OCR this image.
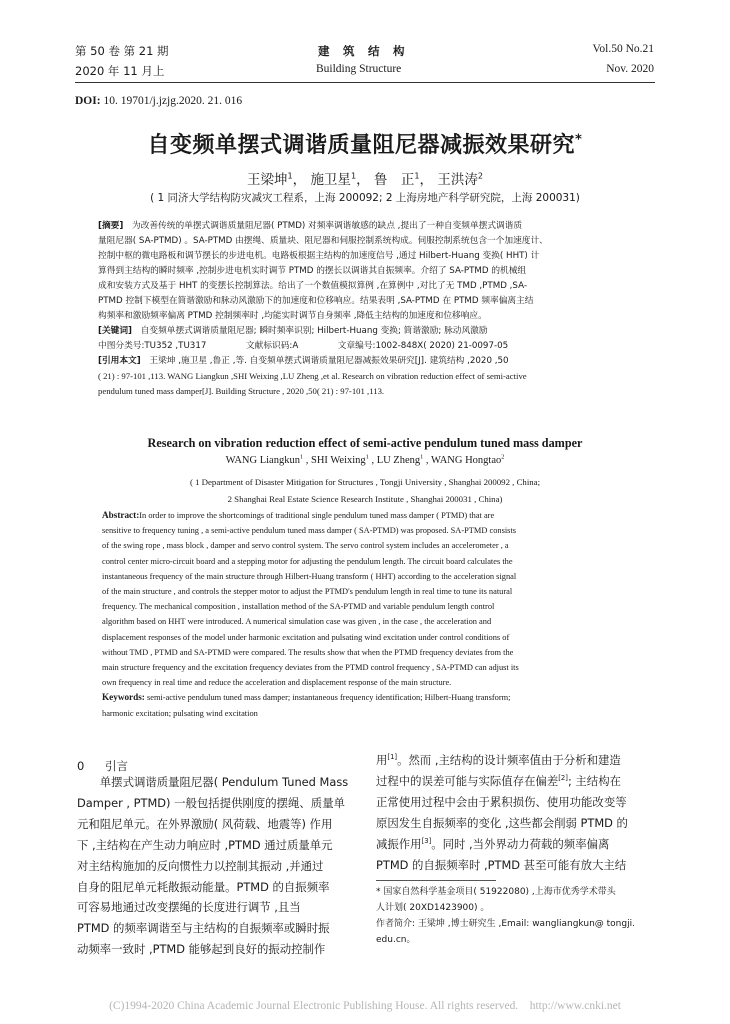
第 50 卷 第 21 期
2020 年 11 月上
建　筑　结　构
Building Structure
Vol.50 No.21
Nov. 2020
DOI: 10. 19701/j.jzjg.2020. 21. 016
自变频单摆式调谐质量阻尼器减振效果研究*
王梁坤$^1$， 施卫星$^1$， 鲁　正$^1$， 王洪涛$^2$
( 1 同济大学结构防灾减灾工程系，上海 200092; 2 上海房地产科学研究院，上海 200031)
[摘要]　 为改善传统的单摆式调谐质量阻尼器( PTMD) 对频率调谐敏感的缺点 ,提出了一种自变频单摆式调谐质
量阻尼器( SA-PTMD) 。SA-PTMD 由摆绳、质量块、阻尼器和伺服控制系统构成。伺服控制系统包含一个加速度计、
控制中枢的微电路板和调节摆长的步进电机。电路板根据主结构的加速度信号 ,通过 Hilbert-Huang 变换( HHT) 计
算得到主结构的瞬时频率 ,控制步进电机实时调节 PTMD 的摆长以调谐其自振频率。介绍了 SA-PTMD 的机械组
成和安装方式及基于 HHT 的变摆长控制算法。给出了一个数值模拟算例 ,在算例中 ,对比了无 TMD ,PTMD ,SA-
PTMD 控制下模型在简谐激励和脉动风激励下的加速度和位移响应。结果表明 ,SA-PTMD 在 PTMD 频率偏离主结
构频率和激励频率偏离 PTMD 控制频率时 ,均能实时调节自身频率 ,降低主结构的加速度和位移响应。
[关键词]　 自变频单摆式调谐质量阻尼器; 瞬时频率识别; Hilbert-Huang 变换; 简谐激励; 脉动风激励
中图分类号:TU352 ,TU317	文献标识码:A	文章编号:1002-848X( 2020) 21-0097-05
[引用本文]　 王梁坤 ,施卫星 ,鲁正 ,等. 自变频单摆式调谐质量阻尼器减振效果研究[J]. 建筑结构 ,2020 ,50
( 21) : 97-101 ,113. WANG Liangkun ,SHI Weixing ,LU Zheng ,et al. Research on vibration reduction effect of semi-active
pendulum tuned mass damper[J]. Building Structure , 2020 ,50( 21) : 97-101 ,113.
Research on vibration reduction effect of semi-active pendulum tuned mass damper
WANG Liangkun$^1$ , SHI Weixing$^1$ , LU Zheng$^1$ , WANG Hongtao$^2$
( 1 Department of Disaster Mitigation for Structures , Tongji University , Shanghai 200092 , China;
2 Shanghai Real Estate Science Research Institute , Shanghai 200031 , China)
Abstract:In order to improve the shortcomings of traditional single pendulum tuned mass damper ( PTMD) that are
sensitive to frequency tuning , a semi-active pendulum tuned mass damper ( SA-PTMD) was proposed. SA-PTMD consists
of the swing rope , mass block , damper and servo control system. The servo control system includes an accelerometer , a
control center micro-circuit board and a stepping motor for adjusting the pendulum length. The circuit board calculates the
instantaneous frequency of the main structure through Hilbert-Huang transform ( HHT) according to the acceleration signal
of the main structure , and controls the stepper motor to adjust the PTMD's pendulum length in real time to tune its natural
frequency. The mechanical composition , installation method of the SA-PTMD and variable pendulum length control
algorithm based on HHT were introduced. A numerical simulation case was given , in the case , the acceleration and
displacement responses of the model under harmonic excitation and pulsating wind excitation under control conditions of
without TMD , PTMD and SA-PTMD were compared. The results show that when the PTMD frequency deviates from the
main structure frequency and the excitation frequency deviates from the PTMD control frequency , SA-PTMD can adjust its
own frequency in real time and reduce the acceleration and displacement response of the main structure.
Keywords: semi-active pendulum tuned mass damper; instantaneous frequency identification; Hilbert-Huang transform;
harmonic excitation; pulsating wind excitation
0 引言
　　单摆式调谐质量阻尼器( Pendulum Tuned Mass
Damper , PTMD) 一般包括提供刚度的摆绳、质量单
元和阻尼单元。在外界激励( 风荷载、地震等) 作用
下 ,主结构在产生动力响应时 ,PTMD 通过质量单元
对主结构施加的反向惯性力以控制其振动 ,并通过
自身的阻尼单元耗散振动能量。PTMD 的自振频率
可容易地通过改变摆绳的长度进行调节 ,且当
PTMD 的频率调谐至与主结构的自振频率或瞬时振
动频率一致时 ,PTMD 能够起到良好的振动控制作
用[1]。然而 ,主结构的设计频率值由于分析和建造
过程中的误差可能与实际值存在偏差[2]; 主结构在
正常使用过程中会由于累积损伤、使用功能改变等
原因发生自振频率的变化 ,这些都会削弱 PTMD 的
减振作用[3]。同时 ,当外界动力荷载的频率偏离
PTMD 的自振频率时 ,PTMD 甚至可能有放大主结
* 国家自然科学基金项目( 51922080) ,上海市优秀学术带头
人计划( 20XD1423900) 。
作者简介: 王梁坤 ,博士研究生 ,Email: wangliangkun@ tongji.
edu.cn。
(C)1994-2020 China Academic Journal Electronic Publishing House. All rights reserved.    http://www.cnki.net
